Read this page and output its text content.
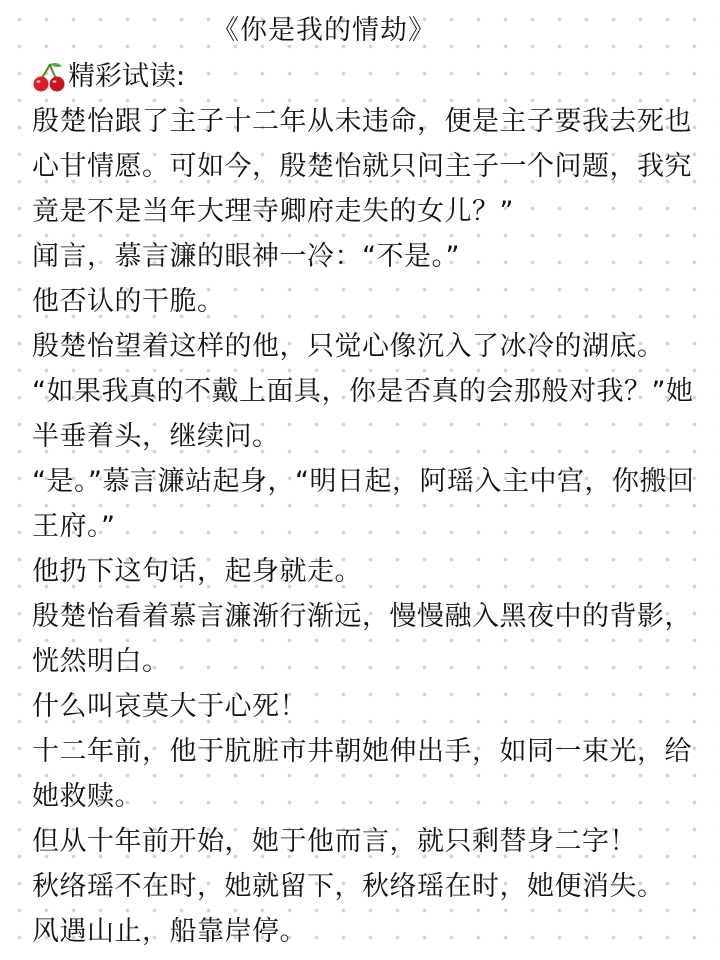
《你是我的情劫》
精彩试读:

殷楚怡跟了主子十二年从未违命，便是主子要我去死也心甘情愿。可如今，殷楚怡就只问主子一个问题，我究竟是不是当年大理寺卿府走失的女儿？”

闻言，慕言濂的眼神一冷：“不是。”

他否认的干脆。

殷楚怡望着这样的他，只觉心像沉入了冰冷的湖底。

“如果我真的不戴上面具，你是否真的会那般对我？”她半垂着头，继续问。

“是。”慕言濂站起身，“明日起，阿瑶入主中宫，你搬回王府。”

他扔下这句话，起身就走。

殷楚怡看着慕言濂渐行渐远，慢慢融入黑夜中的背影，恍然明白。

什么叫哀莫大于心死！

十二年前，他于肮脏市井朝她伸出手，如同一束光，给她救赎。

但从十年前开始，她于他而言，就只剩替身二字！

秋络瑶不在时，她就留下，秋络瑶在时，她便消失。

风遇山止，船靠岸停。
